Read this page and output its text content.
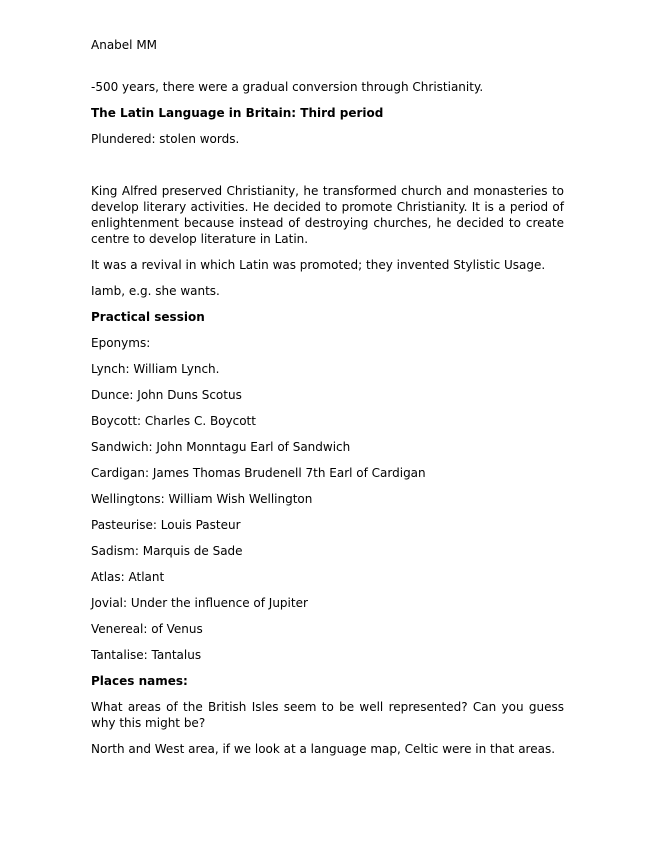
Anabel MM

-500 years, there were a gradual conversion through Christianity.

The Latin Language in Britain: Third period

Plundered: stolen words.

King Alfred preserved Christianity, he transformed church and monasteries to develop literary activities. He decided to promote Christianity. It is a period of enlightenment because instead of destroying churches, he decided to create centre to develop literature in Latin.

It was a revival in which Latin was promoted; they invented Stylistic Usage.

Iamb, e.g. she wants.

Practical session

Eponyms:

Lynch: William Lynch.

Dunce: John Duns Scotus

Boycott: Charles C. Boycott

Sandwich: John Monntagu Earl of Sandwich

Cardigan: James Thomas Brudenell 7th Earl of Cardigan

Wellingtons: William Wish Wellington

Pasteurise: Louis Pasteur

Sadism: Marquis de Sade

Atlas: Atlant

Jovial: Under the influence of Jupiter

Venereal: of Venus

Tantalise: Tantalus

Places names:

What areas of the British Isles seem to be well represented? Can you guess why this might be?

North and West area, if we look at a language map, Celtic were in that areas.
